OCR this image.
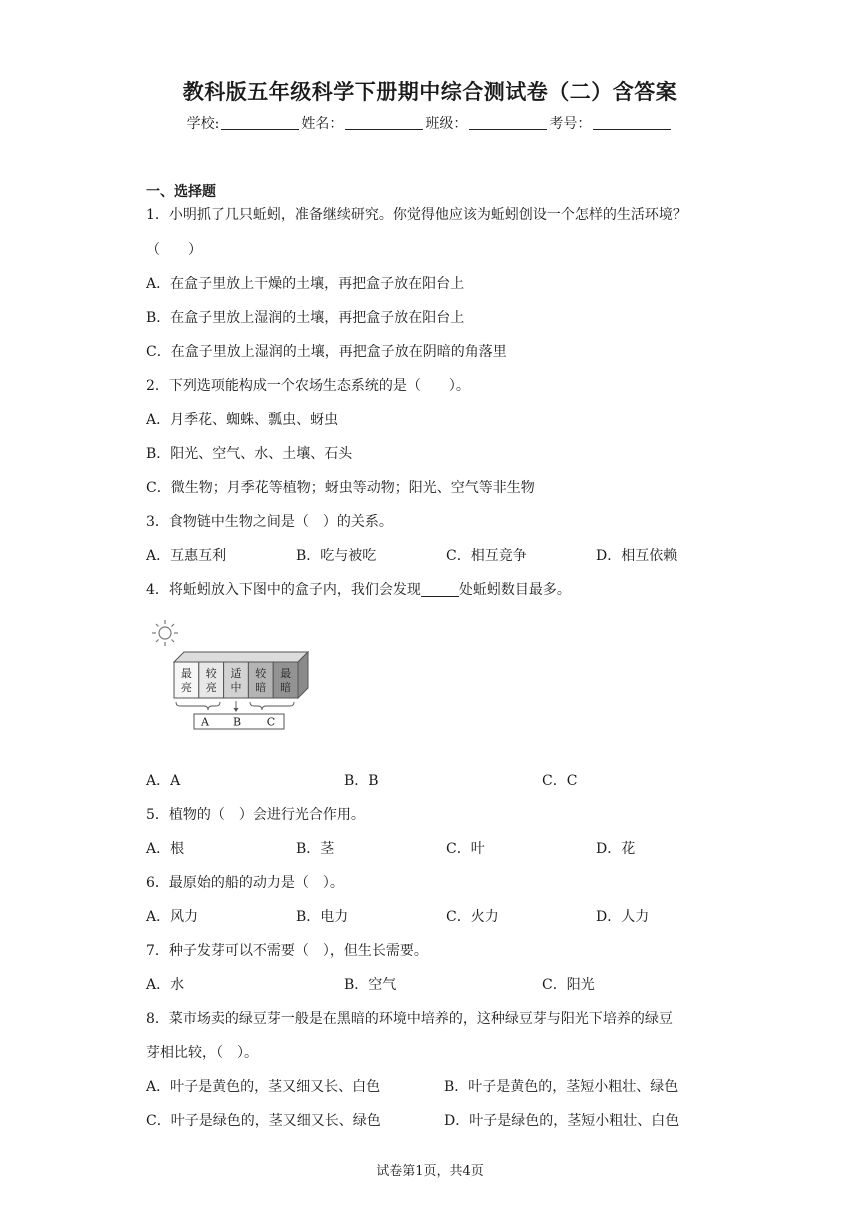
教科版五年级科学下册期中综合测试卷（二）含答案
学校:	姓名：	班级：	考号：
一、选择题
1．小明抓了几只蚯蚓，准备继续研究。你觉得他应该为蚯蚓创设一个怎样的生活环境？
（　　）
A．在盒子里放上干燥的土壤，再把盒子放在阳台上
B．在盒子里放上湿润的土壤，再把盒子放在阳台上
C．在盒子里放上湿润的土壤，再把盒子放在阴暗的角落里
2．下列选项能构成一个农场生态系统的是（　　）。
A．月季花、蜘蛛、瓢虫、蚜虫
B．阳光、空气、水、土壤、石头
C．微生物；月季花等植物；蚜虫等动物；阳光、空气等非生物
3．食物链中生物之间是（　）的关系。
A．互惠互利	B．吃与被吃	C．相互竞争	D．相互依赖
4．将蚯蚓放入下图中的盒子内，我们会发现	处蚯蚓数目最多。
最
亮
较
亮
适
中
较
暗
最
暗
A B C
A．A	B．B	C．C
5．植物的（　）会进行光合作用。
A．根	B．茎	C．叶	D．花
6．最原始的船的动力是（　）。
A．风力	B．电力	C．火力	D．人力
7．种子发芽可以不需要（　），但生长需要。
A．水	B．空气	C．阳光
8．菜市场卖的绿豆芽一般是在黑暗的环境中培养的，这种绿豆芽与阳光下培养的绿豆
芽相比较，（　）。
A．叶子是黄色的，茎又细又长、白色	B．叶子是黄色的，茎短小粗壮、绿色
C．叶子是绿色的，茎又细又长、绿色	D．叶子是绿色的，茎短小粗壮、白色
试卷第1页，共4页
